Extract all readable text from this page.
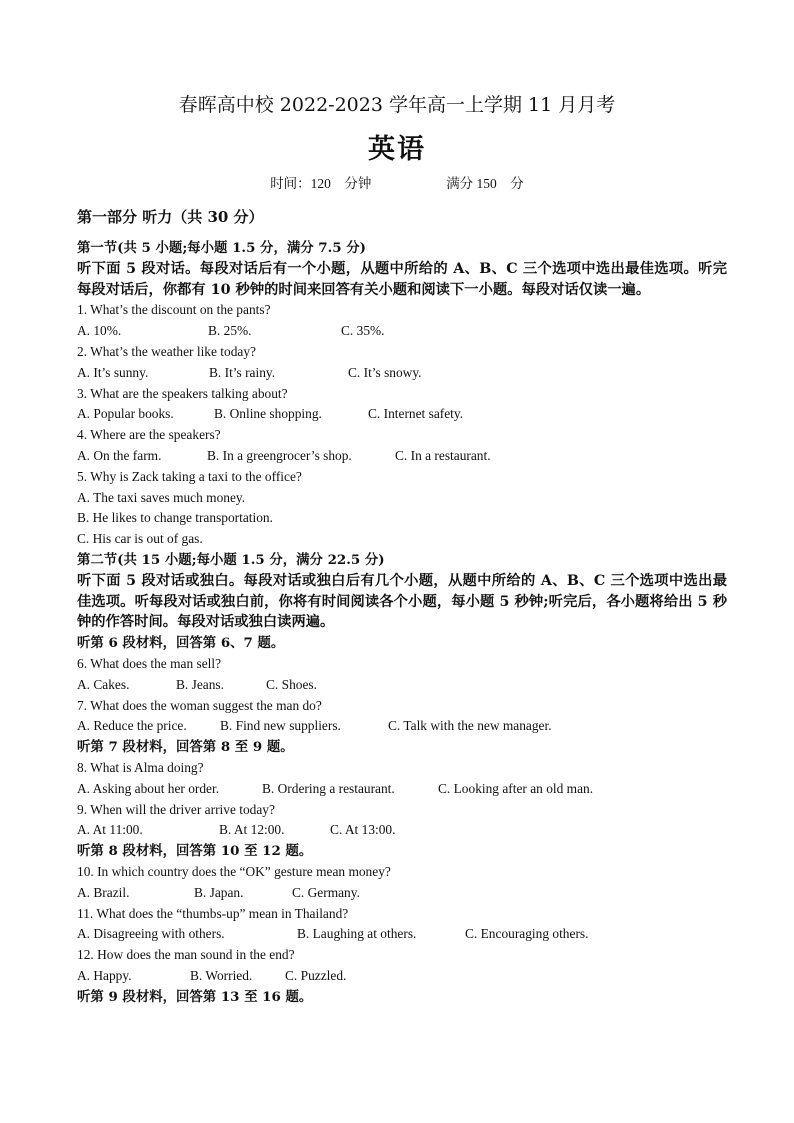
春晖高中校 2022-2023 学年高一上学期 11 月月考
英语
时间：120　分钟	满分 150　分
第一部分 听力（共 30 分）
第一节(共 5 小题;每小题 1.5 分，满分 7.5 分)
听下面 5 段对话。每段对话后有一个小题，从题中所给的 A、B、C 三个选项中选出最佳选项。听完每段对话后，你都有 10 秒钟的时间来回答有关小题和阅读下一小题。每段对话仅读一遍。
1. What’s the discount on the pants?
A. 10%.	B. 25%.	C. 35%.
2. What’s the weather like today?
A. It’s sunny.	B. It’s rainy.	C. It’s snowy.
3. What are the speakers talking about?
A. Popular books.	B. Online shopping.	C. Internet safety.
4. Where are the speakers?
A. On the farm.	B. In a greengrocer’s shop.	C. In a restaurant.
5. Why is Zack taking a taxi to the office?
A. The taxi saves much money.
B. He likes to change transportation.
C. His car is out of gas.
第二节(共 15 小题;每小题 1.5 分，满分 22.5 分)
听下面 5 段对话或独白。每段对话或独白后有几个小题，从题中所给的 A、B、C 三个选项中选出最佳选项。听每段对话或独白前，你将有时间阅读各个小题，每小题 5 秒钟;听完后，各小题将给出 5 秒钟的作答时间。每段对话或独白读两遍。
听第 6 段材料，回答第 6、7 题。
6. What does the man sell?
A. Cakes.	B. Jeans.	C. Shoes.
7. What does the woman suggest the man do?
A. Reduce the price.	B. Find new suppliers.	C. Talk with the new manager.
听第 7 段材料，回答第 8 至 9 题。
8. What is Alma doing?
A. Asking about her order.	B. Ordering a restaurant.	C. Looking after an old man.
9. When will the driver arrive today?
A. At 11:00.	B. At 12:00.	C. At 13:00.
听第 8 段材料，回答第 10 至 12 题。
10. In which country does the “OK” gesture mean money?
A. Brazil.	B. Japan.	C. Germany.
11. What does the “thumbs-up” mean in Thailand?
A. Disagreeing with others.	B. Laughing at others.	C. Encouraging others.
12. How does the man sound in the end?
A. Happy.	B. Worried.	C. Puzzled.
听第 9 段材料，回答第 13 至 16 题。
